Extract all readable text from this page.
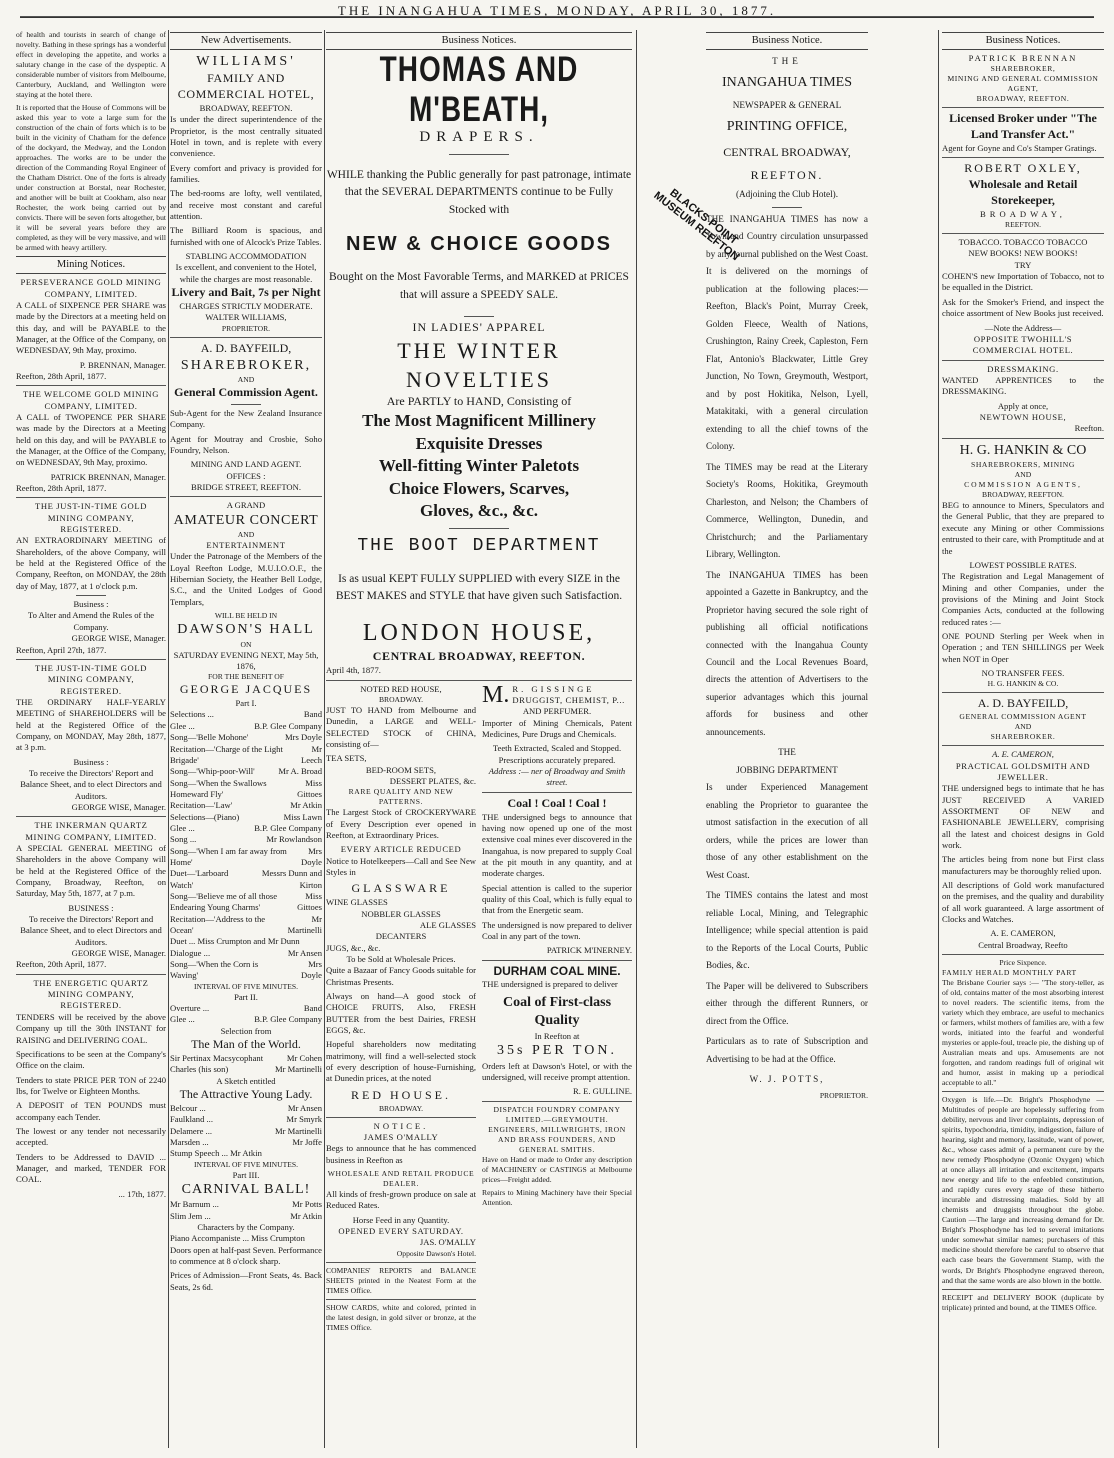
THE INANGAHUA TIMES, MONDAY, APRIL 30, 1877.
BLACKS POINT MUSEUM REEFTON

of health and tourists in search of change of novelty. Bathing in these springs has a wonderful effect in developing the appetite, and works a salutary change in the case of the dyspeptic. A considerable number of visitors from Melbourne, Canterbury, Auckland, and Wellington were staying at the hotel there.

It is reported that the House of Commons will be asked this year to vote a large sum for the construction of the chain of forts which is to be built in the vicinity of Chatham for the defence of the dockyard, the Medway, and the London approaches. The works are to be under the direction of the Commanding Royal Engineer of the Chatham District. One of the forts is already under construction at Borstal, near Rochester, and another will be built at Cookham, also near Rochester, the work being carried out by convicts. There will be seven forts altogether, but it will be several years before they are completed, as they will be very massive, and will be armed with heavy artillery.

Mining Notices.
PERSEVERANCE GOLD MINING COMPANY, LIMITED.

A CALL of SIXPENCE PER SHARE was made by the Directors at a meeting held on this day, and will be PAYABLE to the Manager, at the Office of the Company, on WEDNESDAY, 9th May, proximo.

P. BRENNAN, Manager.
Reefton, 28th April, 1877.
THE WELCOME GOLD MINING COMPANY, LIMITED.

A CALL of TWOPENCE PER SHARE was made by the Directors at a Meeting held on this day, and will be PAYABLE to the Manager, at the Office of the Company, on WEDNESDAY, 9th May, proximo.

PATRICK BRENNAN, Manager.
Reefton, 28th April, 1877.
THE JUST-IN-TIME GOLD MINING COMPANY, REGISTERED.

AN EXTRAORDINARY MEETING of Shareholders, of the above Company, will be held at the Registered Office of the Company, Reefton, on MONDAY, the 28th day of May, 1877, at 1 o'clock p.m.

Business :
To Alter and Amend the Rules of the Company.
GEORGE WISE, Manager.
Reefton, April 27th, 1877.
THE JUST-IN-TIME GOLD MINING COMPANY, REGISTERED.

THE ORDINARY HALF-YEARLY MEETING of SHAREHOLDERS will be held at the Registered Office of the Company, on MONDAY, May 28th, 1877, at 3 p.m.

Business :
To receive the Directors' Report and Balance Sheet, and to elect Directors and Auditors.
GEORGE WISE, Manager.
THE INKERMAN QUARTZ MINING COMPANY, LIMITED.

A SPECIAL GENERAL MEETING of Shareholders in the above Company will be held at the Registered Office of the Company, Broadway, Reefton, on Saturday, May 5th, 1877, at 7 p.m.

BUSINESS :
To receive the Directors' Report and Balance Sheet, and to elect Directors and Auditors.
GEORGE WISE, Manager.
Reefton, 20th April, 1877.
THE ENERGETIC QUARTZ MINING COMPANY, REGISTERED.

TENDERS will be received by the above Company up till the 30th INSTANT for RAISING and DELIVERING COAL.

Specifications to be seen at the Company's Office on the claim.

Tenders to state PRICE PER TON of 2240 lbs, for Twelve or Eighteen Months.

A DEPOSIT of TEN POUNDS must accompany each Tender.

The lowest or any tender not necessarily accepted.

Tenders to be Addressed to DAVID ... Manager, and marked, TENDER FOR COAL.

... 17th, 1877.
New Advertisements.
WILLIAMS'
FAMILY AND COMMERCIAL HOTEL,
BROADWAY, REEFTON.

Is under the direct superintendence of the Proprietor, is the most centrally situated Hotel in town, and is replete with every convenience.

Every comfort and privacy is provided for families.

The bed-rooms are lofty, well ventilated, and receive most constant and careful attention.

The Billiard Room is spacious, and furnished with one of Alcock's Prize Tables.

STABLING ACCOMMODATION
Is excellent, and convenient to the Hotel, while the charges are most reasonable.
Livery and Bait, 7s per Night
CHARGES STRICTLY MODERATE.
WALTER WILLIAMS,
PROPRIETOR.
A. D. BAYFEILD,
SHAREBROKER,
AND
General Commission Agent.

Sub-Agent for the New Zealand Insurance Company.

Agent for Moutray and Crosbie, Soho Foundry, Nelson.

MINING AND LAND AGENT.
OFFICES :
BRIDGE STREET, REEFTON.
A GRAND
AMATEUR CONCERT
AND
ENTERTAINMENT

Under the Patronage of the Members of the Loyal Reefton Lodge, M.U.I.O.O.F., the Hibernian Society, the Heather Bell Lodge, S.C., and the United Lodges of Good Templars,

WILL BE HELD IN
DAWSON'S HALL
ON
SATURDAY EVENING NEXT, May 5th, 1876,
FOR THE BENEFIT OF
GEORGE JACQUES
Part I.
Selections ...	Band
Glee ...	B.P. Glee Company
Song—'Belle Mohone'	Mrs Doyle
Recitation—'Charge of the Light Brigade'
Mr Leech
Song—'Whip-poor-Will'	Mr A. Broad
Song—'When the Swallows Homeward Fly'
Miss Gittoes
Recitation—'Law'	Mr Atkin
Selections—(Piano)	Miss Lawn
Glee ...	B.P. Glee Company
Song ...	Mr Rowlandson
Song—'When I am far away from Home'
Mrs Doyle
Duet—'Larboard Watch'
Messrs Dunn and Kirton
Song—'Believe me of all those Endearing Young Charms'
Miss Gittoes
Recitation—'Address to the Ocean'
Mr Martinelli
Duet ... Miss Crumpton and Mr Dunn
Dialogue ...	Mr Ansen
Song—'When the Corn is Waving'
Mrs Doyle
INTERVAL OF FIVE MINUTES.
Part II.
Overture ...	Band
Glee ...	B.P. Glee Company
Selection from
The Man of the World.
Sir Pertinax Macsycophant	Mr Cohen
Charles (his son)	Mr Martinelli
A Sketch entitled
The Attractive Young Lady.
Belcour ...	Mr Ansen
Faulkland ...	Mr Smyrk
Delamere ...	Mr Martinelli
Marsden ...	Mr Joffe
Stump Speech ... Mr Atkin
INTERVAL OF FIVE MINUTES.
Part III.
CARNIVAL BALL!
Mr Barnum ...	Mr Potts
Slim Jem ...	Mr Atkin
Characters by the Company.
Piano Accompaniste ... Miss Crumpton

Doors open at half-past Seven. Performance to commence at 8 o'clock sharp.

Prices of Admission—Front Seats, 4s. Back Seats, 2s 6d.

Business Notices.
THOMAS AND M'BEATH,
DRAPERS.

WHILE thanking the Public generally for past patronage, intimate that the SEVERAL DEPARTMENTS continue to be Fully Stocked with

NEW & CHOICE GOODS

Bought on the Most Favorable Terms, and MARKED at PRICES that will assure a SPEEDY SALE.

IN LADIES' APPAREL
THE WINTER NOVELTIES
Are PARTLY to HAND, Consisting of
The Most Magnificent Millinery
Exquisite Dresses
Well-fitting Winter Paletots
Choice Flowers, Scarves,
Gloves, &c., &c.
THE BOOT DEPARTMENT

Is as usual KEPT FULLY SUPPLIED with every SIZE in the BEST MAKES and STYLE that have given such Satisfaction.

LONDON HOUSE,
CENTRAL BROADWAY, REEFTON.
April 4th, 1877.
NOTED RED HOUSE,
BROADWAY.

JUST TO HAND from Melbourne and Dunedin, a LARGE and WELL-SELECTED STOCK of CHINA, consisting of—

TEA SETS,
BED-ROOM SETS,
DESSERT PLATES, &c.
RARE QUALITY AND NEW PATTERNS.

The Largest Stock of CROCKERYWARE of Every Description ever opened in Reefton, at Extraordinary Prices.

EVERY ARTICLE REDUCED

Notice to Hotelkeepers—Call and See New Styles in

GLASSWARE
WINE GLASSES
NOBBLER GLASSES
ALE GLASSES
DECANTERS
JUGS, &c., &c.
To be Sold at Wholesale Prices.

Quite a Bazaar of Fancy Goods suitable for Christmas Presents.

Always on hand—A good stock of CHOICE FRUITS, Also, FRESH BUTTER from the best Dairies, FRESH EGGS, &c.

Hopeful shareholders now meditating matrimony, will find a well-selected stock of every description of house-Furnishing, at Dunedin prices, at the noted

RED HOUSE.
BROADWAY.
NOTICE.
JAMES O'MALLY

Begs to announce that he has commenced business in Reefton as

WHOLESALE AND RETAIL PRODUCE DEALER.

All kinds of fresh-grown produce on sale at Reduced Rates.

Horse Feed in any Quantity.
OPENED EVERY SATURDAY.
JAS. O'MALLY
Opposite Dawson's Hotel.

COMPANIES' REPORTS and BALANCE SHEETS printed in the Neatest Form at the TIMES Office.

SHOW CARDS, white and colored, printed in the latest design, in gold silver or bronze, at the TIMES Office.

M. R. GISSINGE
DRUGGIST, CHEMIST, P...
AND PERFUMER.

Importer of Mining Chemicals, Patent Medicines, Pure Drugs and Chemicals.

Teeth Extracted, Scaled and Stopped.
Prescriptions accurately prepared.
Address :— ner of Broadway and Smith street.
Coal ! Coal ! Coal !

THE undersigned begs to announce that having now opened up one of the most extensive coal mines ever discovered in the Inangahua, is now prepared to supply Coal at the pit mouth in any quantity, and at moderate charges.

Special attention is called to the superior quality of this Coal, which is fully equal to that from the Energetic seam.

The undersigned is now prepared to deliver Coal in any part of the town.

PATRICK M'INERNEY.
DURHAM COAL MINE.

THE undersigned is prepared to deliver

Coal of First-class Quality
In Reefton at
35s PER TON.

Orders left at Dawson's Hotel, or with the undersigned, will receive prompt attention.

R. E. GULLINE.
DISPATCH FOUNDRY COMPANY LIMITED.—GREYMOUTH.
ENGINEERS, MILLWRIGHTS, IRON AND BRASS FOUNDERS, AND GENERAL SMITHS.

Have on Hand or made to Order any description of MACHINERY or CASTINGS at Melbourne prices—Freight added.

Repairs to Mining Machinery have their Special Attention.

Business Notice.
THE
INANGAHUA TIMES
NEWSPAPER & GENERAL
PRINTING OFFICE,
CENTRAL BROADWAY,
REEFTON.
(Adjoining the Club Hotel).

THE INANGAHUA TIMES has now a Town and Country circulation unsurpassed by any journal published on the West Coast. It is delivered on the mornings of publication at the following places:—Reefton, Black's Point, Murray Creek, Golden Fleece, Wealth of Nations, Crushington, Rainy Creek, Capleston, Fern Flat, Antonio's Blackwater, Little Grey Junction, No Town, Greymouth, Westport, and by post Hokitika, Nelson, Lyell, Matakitaki, with a general circulation extending to all the chief towns of the Colony.

The TIMES may be read at the Literary Society's Rooms, Hokitika, Greymouth Charleston, and Nelson; the Chambers of Commerce, Wellington, Dunedin, and Christchurch; and the Parliamentary Library, Wellington.

The INANGAHUA TIMES has been appointed a Gazette in Bankruptcy, and the Proprietor having secured the sole right of publishing all official notifications connected with the Inangahua County Council and the Local Revenues Board, directs the attention of Advertisers to the superior advantages which this journal affords for business and other announcements.

THE
JOBBING DEPARTMENT

Is under Experienced Management enabling the Proprietor to guarantee the utmost satisfaction in the execution of all orders, while the prices are lower than those of any other establishment on the West Coast.

The TIMES contains the latest and most reliable Local, Mining, and Telegraphic Intelligence; while special attention is paid to the Reports of the Local Courts, Public Bodies, &c.

The Paper will be delivered to Subscribers either through the different Runners, or direct from the Office.

Particulars as to rate of Subscription and Advertising to be had at the Office.

W. J. POTTS,
PROPRIETOR.
Business Notices.
PATRICK BRENNAN
SHAREBROKER,
MINING AND GENERAL COMMISSION AGENT,
BROADWAY, REEFTON.
Licensed Broker under "The Land Transfer Act."

Agent for Goyne and Co's Stamper Gratings.

ROBERT OXLEY,
Wholesale and Retail
Storekeeper,
BROADWAY,
REEFTON.
TOBACCO. TOBACCO TOBACCO
NEW BOOKS! NEW BOOKS!
TRY

COHEN'S new Importation of Tobacco, not to be equalled in the District.

Ask for the Smoker's Friend, and inspect the choice assortment of New Books just received.

—Note the Address—
OPPOSITE TWOHILL'S COMMERCIAL HOTEL.
DRESSMAKING.

WANTED APPRENTICES to the DRESSMAKING.

Apply at once,
NEWTOWN HOUSE,
Reefton.
H. G. HANKIN & CO
SHAREBROKERS, MINING
AND
COMMISSION AGENTS,
BROADWAY, REEFTON.

BEG to announce to Miners, Speculators and the General Public, that they are prepared to execute any Mining or other Commissions entrusted to their care, with Promptitude and at the

LOWEST POSSIBLE RATES.

The Registration and Legal Management of Mining and other Companies, under the provisions of the Mining and Joint Stock Companies Acts, conducted at the following reduced rates :—

ONE POUND Sterling per Week when in Operation ; and TEN SHILLINGS per Week when NOT in Oper

NO TRANSFER FEES.
H. G. HANKIN & CO.
A. D. BAYFEILD,
GENERAL COMMISSION AGENT
AND
SHAREBROKER.
A. E. CAMERON,
PRACTICAL GOLDSMITH AND JEWELLER.

THE undersigned begs to intimate that he has JUST RECEIVED A VARIED ASSORTMENT OF NEW and FASHIONABLE JEWELLERY, comprising all the latest and choicest designs in Gold work.

The articles being from none but First class manufacturers may be thoroughly relied upon.

All descriptions of Gold work manufactured on the premises, and the quality and durability of all work guaranteed. A large assortment of Clocks and Watches.

A. E. CAMERON,
Central Broadway, Reefto
Price Sixpence.
FAMILY HERALD MONTHLY PART

The Brisbane Courier says :— "The story-teller, as of old, contains matter of the most absorbing interest to novel readers. The scientific items, from the variety which they embrace, are useful to mechanics or farmers, whilst mothers of families are, with a few words, initiated into the fearful and wonderful mysteries or apple-foul, treacle pie, the dishing up of Australian meats and ups. Amusements are not forgotten, and random readings full of original wit and humor, assist in making up a periodical acceptable to all."

Oxygen is life.—Dr. Bright's Phosphodyne —Multitudes of people are hopelessly suffering from debility, nervous and liver complaints, depression of spirits, hypochondria, timidity, indigestion, failure of hearing, sight and memory, lassitude, want of power, &c., whose cases admit of a permanent cure by the new remedy Phosphodyne (Ozonic Oxygen) which at once allays all irritation and excitement, imparts new energy and life to the enfeebled constitution, and rapidly cures every stage of these hitherto incurable and distressing maladies. Sold by all chemists and druggists throughout the globe. Caution —The large and increasing demand for Dr. Bright's Phosphodyne has led to several imitations under somewhat similar names; purchasers of this medicine should therefore be careful to observe that each case bears the Government Stamp, with the words, Dr Bright's Phosphodyne engraved thereon, and that the same words are also blown in the bottle.

RECEIPT and DELIVERY BOOK (duplicate by triplicate) printed and bound, at the TIMES Office.
